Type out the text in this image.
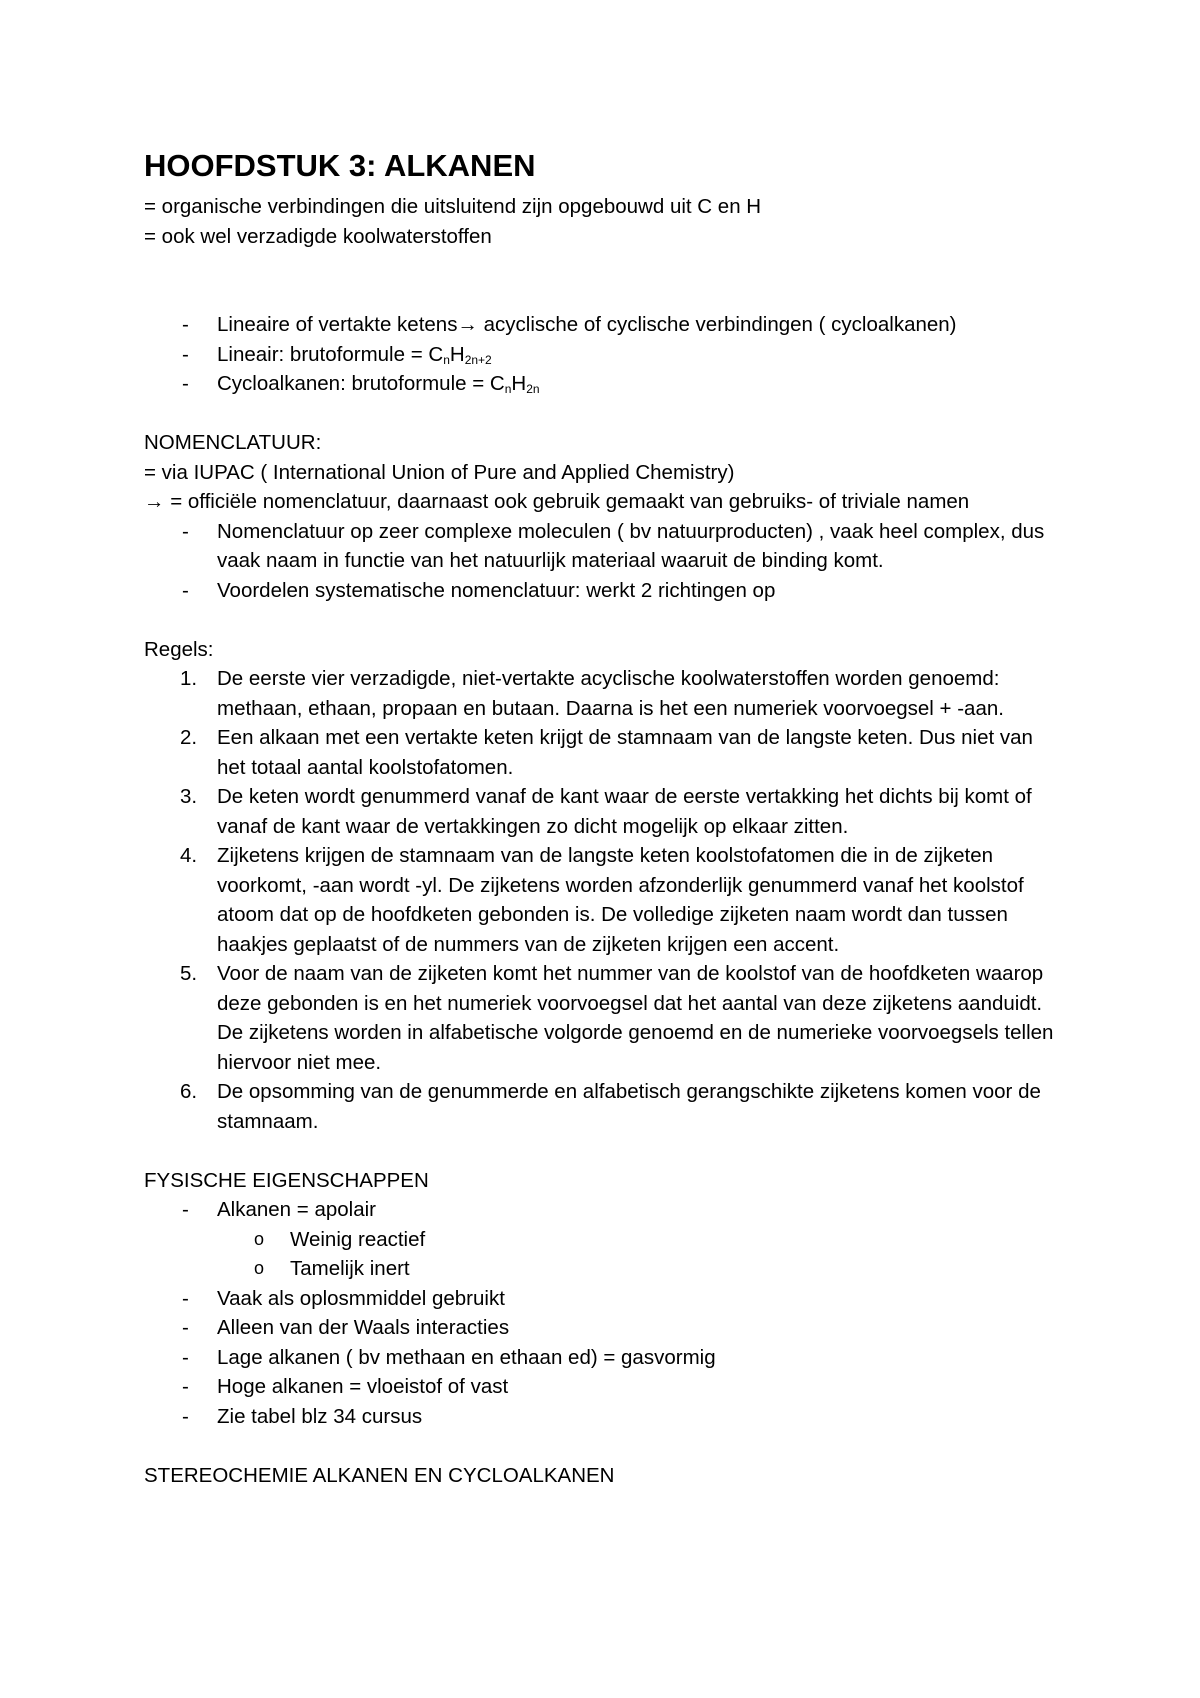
HOOFDSTUK 3: ALKANEN

= organische verbindingen die uitsluitend zijn opgebouwd uit C en H

= ook wel verzadigde koolwaterstoffen

- Lineaire of vertakte ketens→ acyclische of cyclische verbindingen ( cycloalkanen)
- Lineair: brutoformule = $C_nH_{2n+2}$
- Cycloalkanen: brutoformule = $C_nH_{2n}$

NOMENCLATUUR:

= via IUPAC ( International Union of Pure and Applied Chemistry)

→ = officiële nomenclatuur, daarnaast ook gebruik gemaakt van gebruiks- of triviale namen

- Nomenclatuur op zeer complexe moleculen ( bv natuurproducten) , vaak heel complex, dus vaak naam in functie van het natuurlijk materiaal waaruit de binding komt.
- Voordelen systematische nomenclatuur: werkt 2 richtingen op

Regels:

1. De eerste vier verzadigde, niet-vertakte acyclische koolwaterstoffen worden genoemd: methaan, ethaan, propaan en butaan. Daarna is het een numeriek voorvoegsel + -aan.
2. Een alkaan met een vertakte keten krijgt de stamnaam van de langste keten. Dus niet van het totaal aantal koolstofatomen.
3. De keten wordt genummerd vanaf de kant waar de eerste vertakking het dichts bij komt of vanaf de kant waar de vertakkingen zo dicht mogelijk op elkaar zitten.
4. Zijketens krijgen de stamnaam van de langste keten koolstofatomen die in de zijketen voorkomt, -aan wordt -yl. De zijketens worden afzonderlijk genummerd vanaf het koolstof atoom dat op de hoofdketen gebonden is. De volledige zijketen naam wordt dan tussen haakjes geplaatst of de nummers van de zijketen krijgen een accent.
5. Voor de naam van de zijketen komt het nummer van de koolstof van de hoofdketen waarop deze gebonden is en het numeriek voorvoegsel dat het aantal van deze zijketens aanduidt. De zijketens worden in alfabetische volgorde genoemd en de numerieke voorvoegsels tellen hiervoor niet mee.
6. De opsomming van de genummerde en alfabetisch gerangschikte zijketens komen voor de stamnaam.

FYSISCHE EIGENSCHAPPEN

- Alkanen = apolair
o Weinig reactief
o Tamelijk inert
- Vaak als oplosmmiddel gebruikt
- Alleen van der Waals interacties
- Lage alkanen ( bv methaan en ethaan ed) = gasvormig
- Hoge alkanen = vloeistof of vast
- Zie tabel blz 34 cursus

STEREOCHEMIE ALKANEN EN CYCLOALKANEN
